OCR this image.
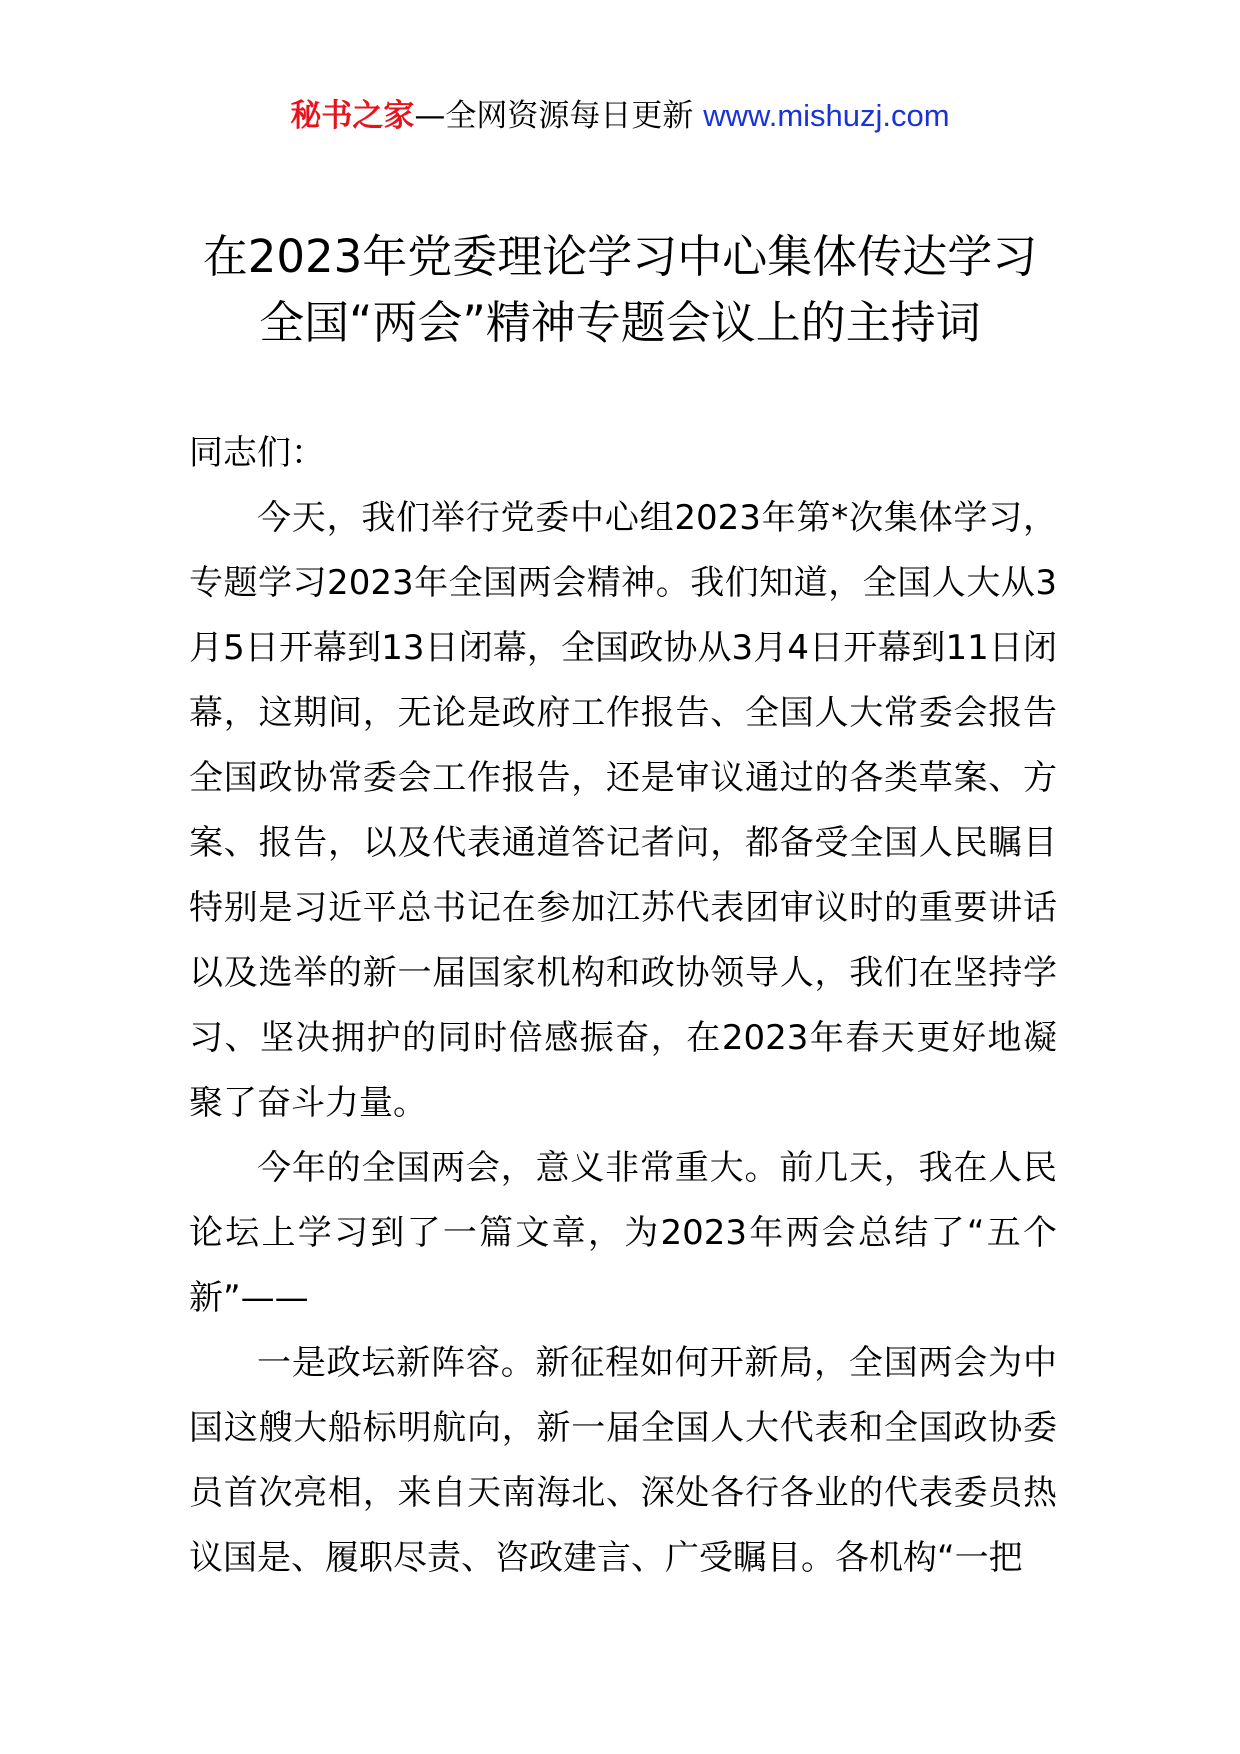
秘书之家—全网资源每日更新 www.mishuzj.com
在2023年党委理论学习中心集体传达学习
全国“两会”精神专题会议上的主持词

同志们：

今天，我们举行党委中心组2023年第*次集体学习，专题学习2023年全国两会精神。我们知道，全国人大从3月5日开幕到13日闭幕，全国政协从3月4日开幕到11日闭幕，这期间，无论是政府工作报告、全国人大常委会报告全国政协常委会工作报告，还是审议通过的各类草案、方案、报告，以及代表通道答记者问，都备受全国人民瞩目特别是习近平总书记在参加江苏代表团审议时的重要讲话以及选举的新一届国家机构和政协领导人，我们在坚持学习、坚决拥护的同时倍感振奋，在2023年春天更好地凝聚了奋斗力量。

今年的全国两会，意义非常重大。前几天，我在人民论坛上学习到了一篇文章，为2023年两会总结了“五个新”——

一是政坛新阵容。新征程如何开新局，全国两会为中国这艘大船标明航向，新一届全国人大代表和全国政协委员首次亮相，来自天南海北、深处各行各业的代表委员热议国是、履职尽责、咨政建言、广受瞩目。各机构“一把
